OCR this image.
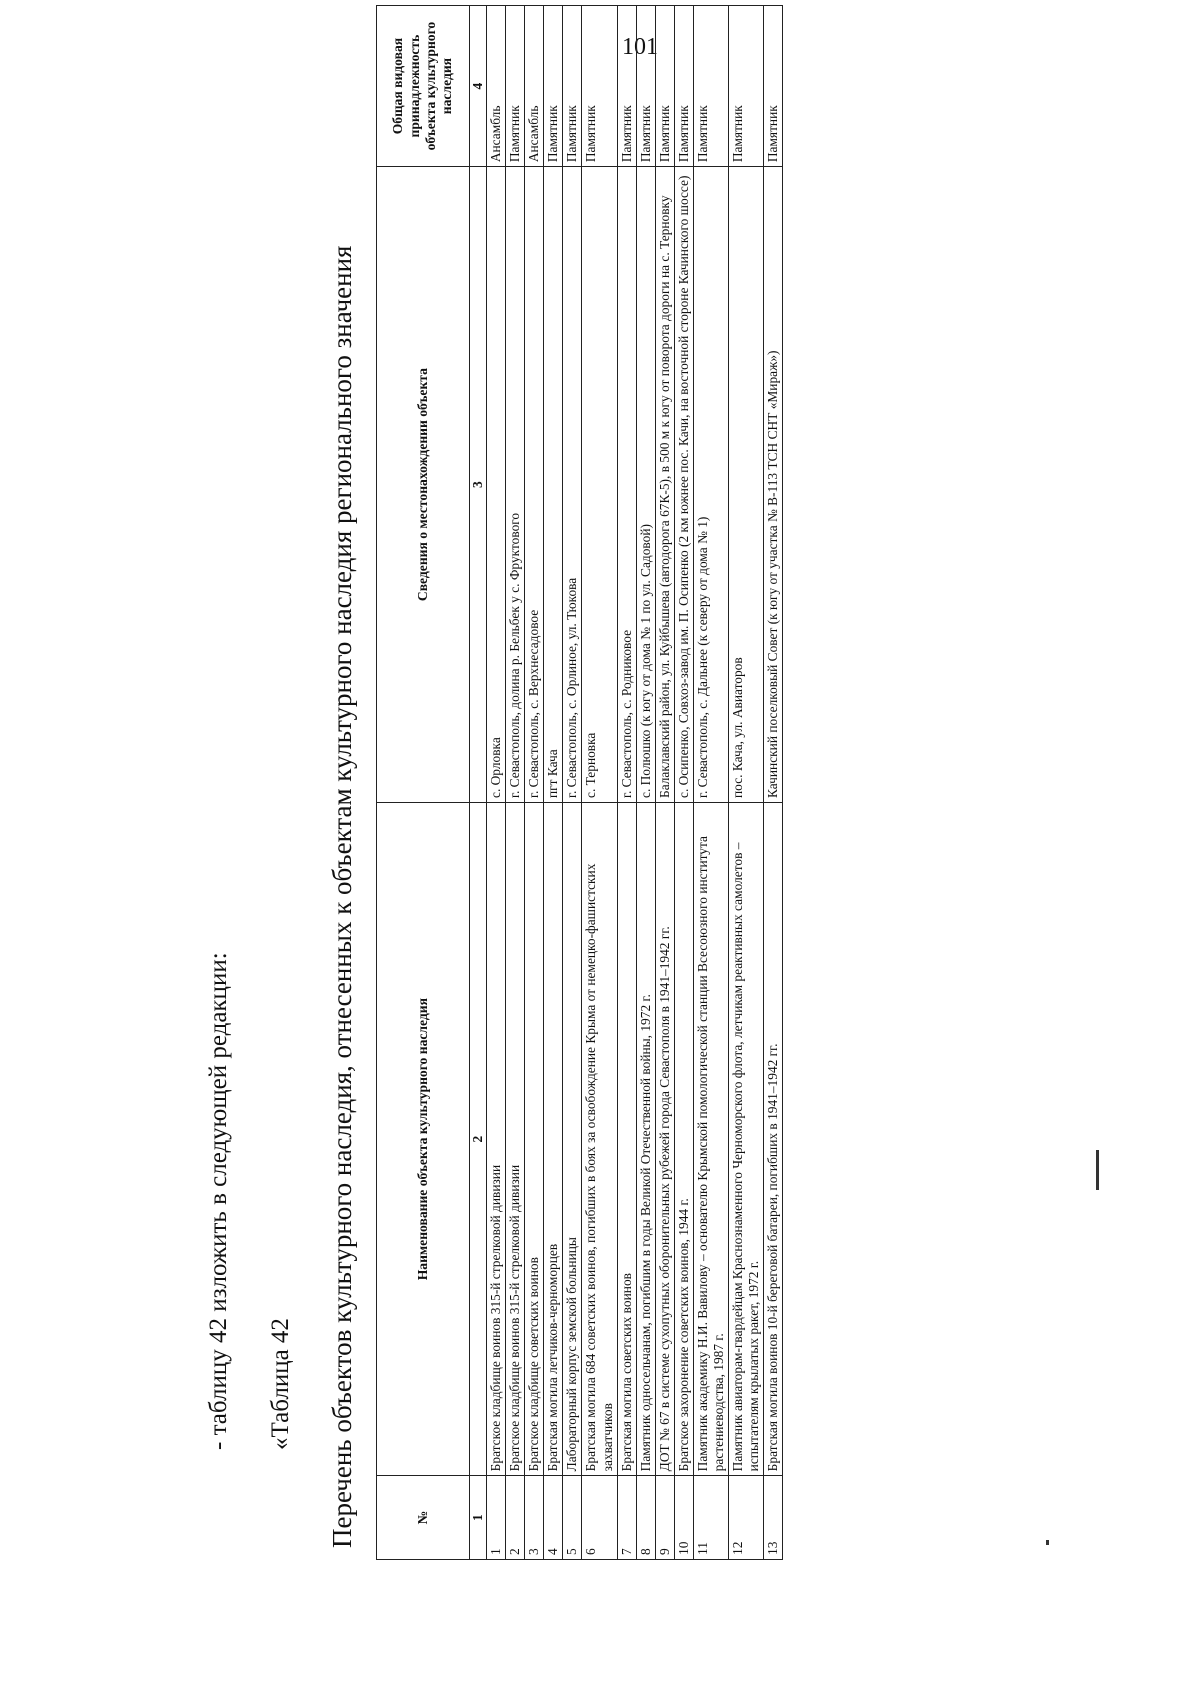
101
- таблицу 42 изложить в следующей редакции: «Таблица 42 Перечень объектов культурного наследия, отнесенных к объектам культурного наследия регионального значения	№	Наименование объекта культурного наследия	Сведения о местонахождении объекта	Общая видовая принадлежность объекта культурного наследия
1	2	3	4
1	Братское кладбище воинов 315-й стрелковой дивизии	с. Орловка	Ансамбль
2	Братское кладбище воинов 315-й стрелковой дивизии	г. Севастополь, долина р. Бельбек у с. Фруктового	Памятник
3	Братское кладбище советских воинов	г. Севастополь, с. Верхнесадовое	Ансамбль
4	Братская могила летчиков-черноморцев	пгт Кача	Памятник
5	Лабораторный корпус земской больницы	г. Севастополь, с. Орлиное, ул. Тюкова	Памятник
6	Братская могила 684 советских воинов, погибших в боях за освобождение Крыма от немецко-фашистских захватчиков	с. Терновка	Памятник
7	Братская могила советских воинов	г. Севастополь, с. Родниковое	Памятник
8	Памятник односельчанам, погибшим в годы Великой Отечественной войны, 1972 г.	с. Полюшко (к югу от дома № 1 по ул. Садовой)	Памятник
9	ДОТ № 67 в системе сухопутных оборонительных рубежей города Севастополя в 1941–1942 гг.	Балаклавский район, ул. Куйбышева (автодорога 67К-5), в 500 м к югу от поворота дороги на с. Терновку	Памятник
10	Братское захоронение советских воинов, 1944 г.	с. Осипенко, Совхоз-завод им. П. Осипенко (2 км южнее пос. Качи, на восточной стороне Качинского шоссе)	Памятник
11	Памятник академику Н.И. Вавилову – основателю Крымской помологической станции Всесоюзного института растениеводства, 1987 г.	г. Севастополь, с. Дальнее (к северу от дома № 1)	Памятник
12	Памятник авиаторам-гвардейцам Краснознаменного Черноморского флота, летчикам реактивных самолетов – испытателям крылатых ракет, 1972 г.	пос. Кача, ул. Авиаторов	Памятник
13	Братская могила воинов 10-й береговой батареи, погибших в 1941–1942 гг.	Качинский поселковый Совет (к югу от участка № В-113 ТСН СНТ «Мираж»)	Памятник
